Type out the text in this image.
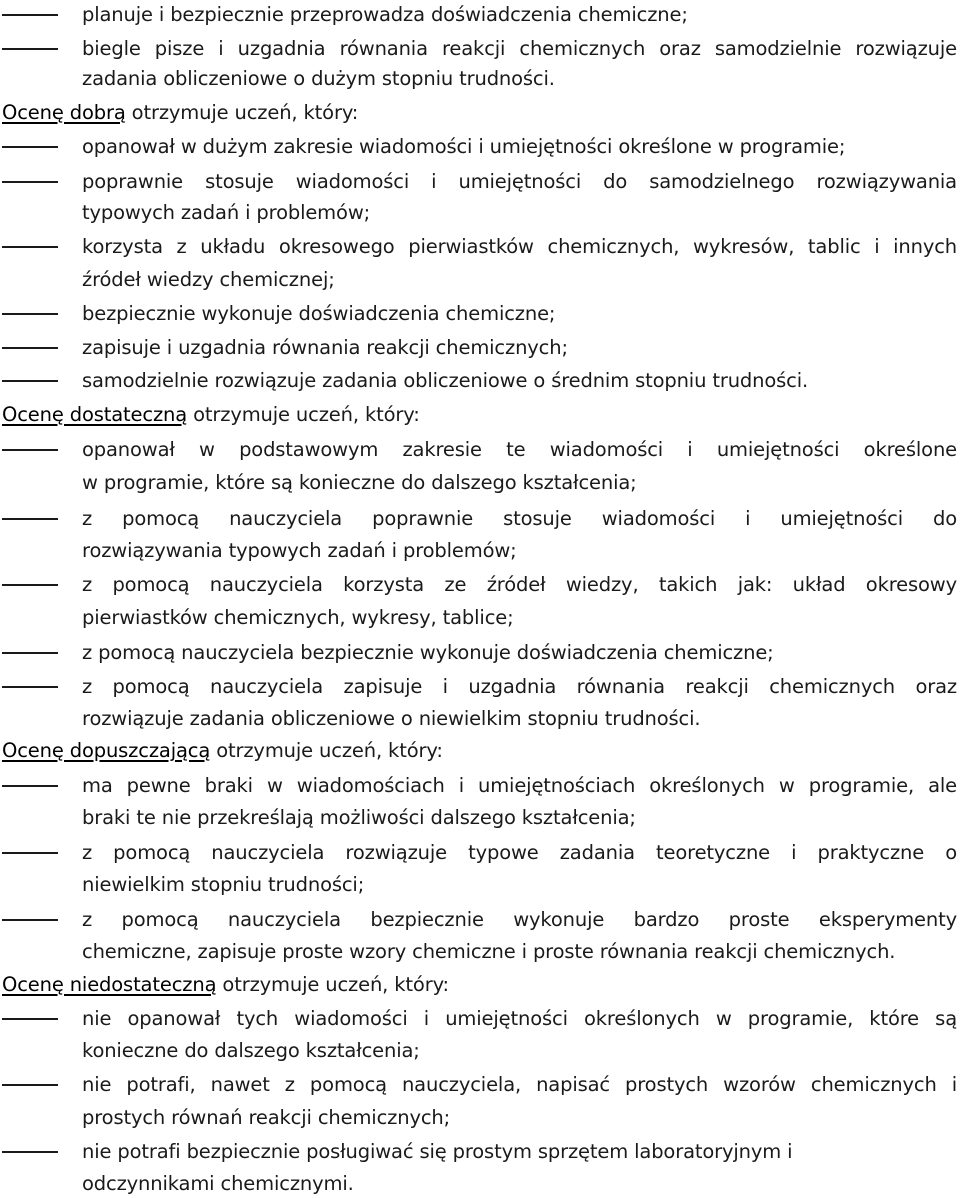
planuje i bezpiecznie przeprowadza doświadczenia chemiczne;
biegle pisze i uzgadnia równania reakcji chemicznych oraz samodzielnie rozwiązuje
zadania obliczeniowe o dużym stopniu trudności.
Ocenę dobrą otrzymuje uczeń, który:
opanował w dużym zakresie wiadomości i umiejętności określone w programie;
poprawnie stosuje wiadomości i umiejętności do samodzielnego rozwiązywania
typowych zadań i problemów;
korzysta z układu okresowego pierwiastków chemicznych, wykresów, tablic i innych
źródeł wiedzy chemicznej;
bezpiecznie wykonuje doświadczenia chemiczne;
zapisuje i uzgadnia równania reakcji chemicznych;
samodzielnie rozwiązuje zadania obliczeniowe o średnim stopniu trudności.
Ocenę dostateczną otrzymuje uczeń, który:
opanował w podstawowym zakresie te wiadomości i umiejętności określone
w programie, które są konieczne do dalszego kształcenia;
z pomocą nauczyciela poprawnie stosuje wiadomości i umiejętności do
rozwiązywania typowych zadań i problemów;
z pomocą nauczyciela korzysta ze źródeł wiedzy, takich jak: układ okresowy
pierwiastków chemicznych, wykresy, tablice;
z pomocą nauczyciela bezpiecznie wykonuje doświadczenia chemiczne;
z pomocą nauczyciela zapisuje i uzgadnia równania reakcji chemicznych oraz
rozwiązuje zadania obliczeniowe o niewielkim stopniu trudności.
Ocenę dopuszczającą otrzymuje uczeń, który:
ma pewne braki w wiadomościach i umiejętnościach określonych w programie, ale
braki te nie przekreślają możliwości dalszego kształcenia;
z pomocą nauczyciela rozwiązuje typowe zadania teoretyczne i praktyczne o
niewielkim stopniu trudności;
z pomocą nauczyciela bezpiecznie wykonuje bardzo proste eksperymenty
chemiczne, zapisuje proste wzory chemiczne i proste równania reakcji chemicznych.
Ocenę niedostateczną otrzymuje uczeń, który:
nie opanował tych wiadomości i umiejętności określonych w programie, które są
konieczne do dalszego kształcenia;
nie potrafi, nawet z pomocą nauczyciela, napisać prostych wzorów chemicznych i
prostych równań reakcji chemicznych;
nie potrafi bezpiecznie posługiwać się prostym sprzętem laboratoryjnym i
odczynnikami chemicznymi.
